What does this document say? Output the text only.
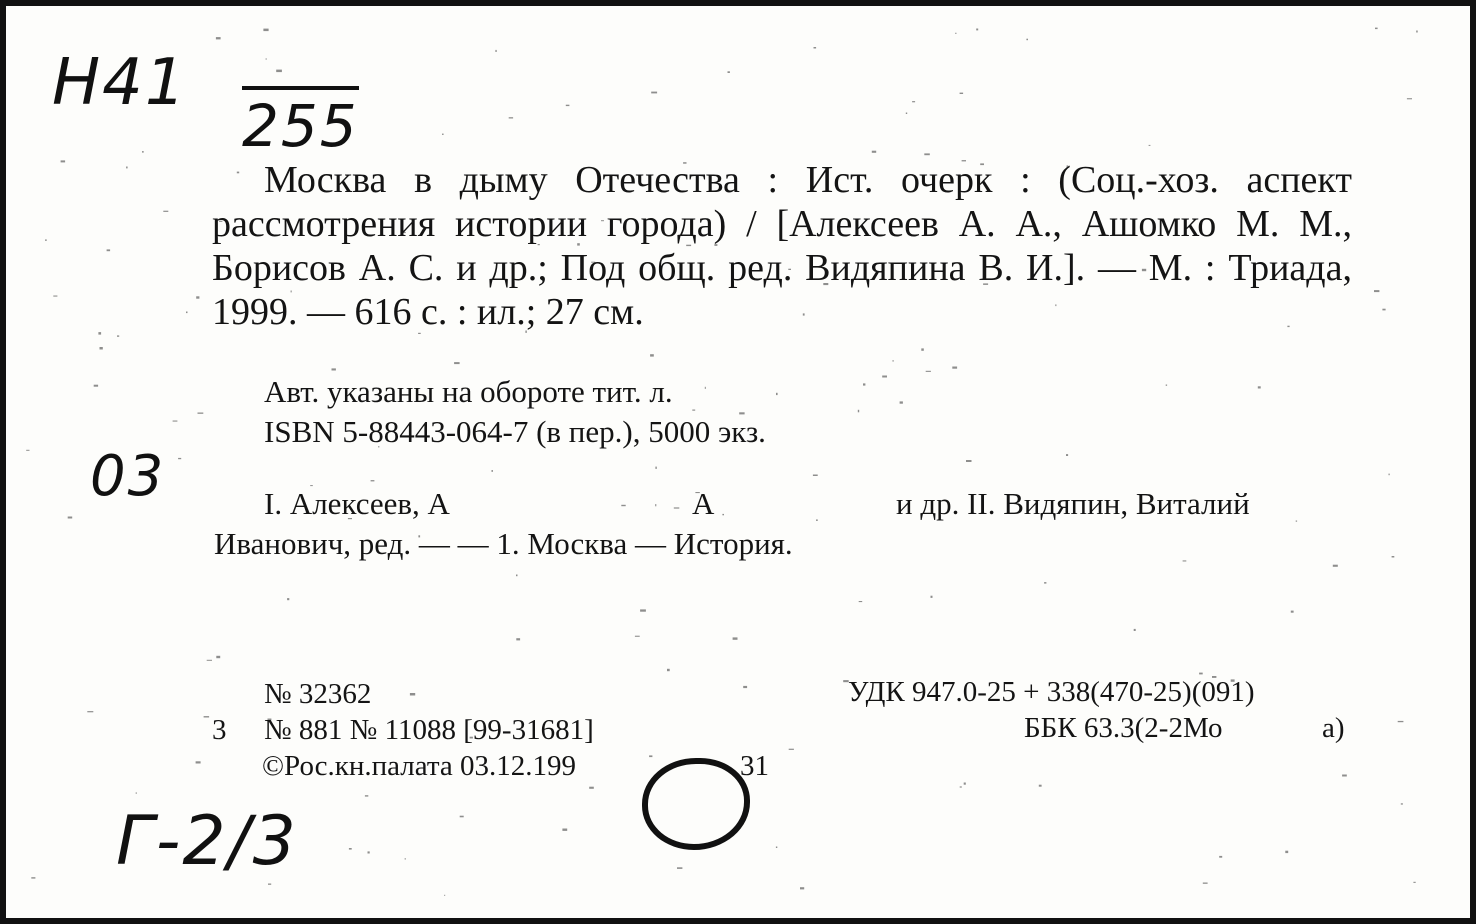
Н41
255
03
Г-2/3
Москва в дыму Отечества : Ист. очерк : (Соц.-хоз. аспект рассмотрения истории города) / [Алексеев А. А., Ашомко М. М., Борисов А. С. и др.; Под общ. ред. Видяпина В. И.]. — М. : Триада, 1999. — 616 с. : ил.; 27 см.
Авт. указаны на обороте тит. л.
ISBN 5-88443-064-7 (в пер.), 5000 экз.
I. Алексеев, А	А	и др. II. Видяпин, Виталий
Иванович, ред. — — 1. Москва — История.
№ 32362
3 № 881 № 11088 [99-31681]
©Рос.кн.палата 03.12.199	31
УДК 947.0-25 + 338(470-25)(091)
ББК 63.3(2-2Мо	а)
